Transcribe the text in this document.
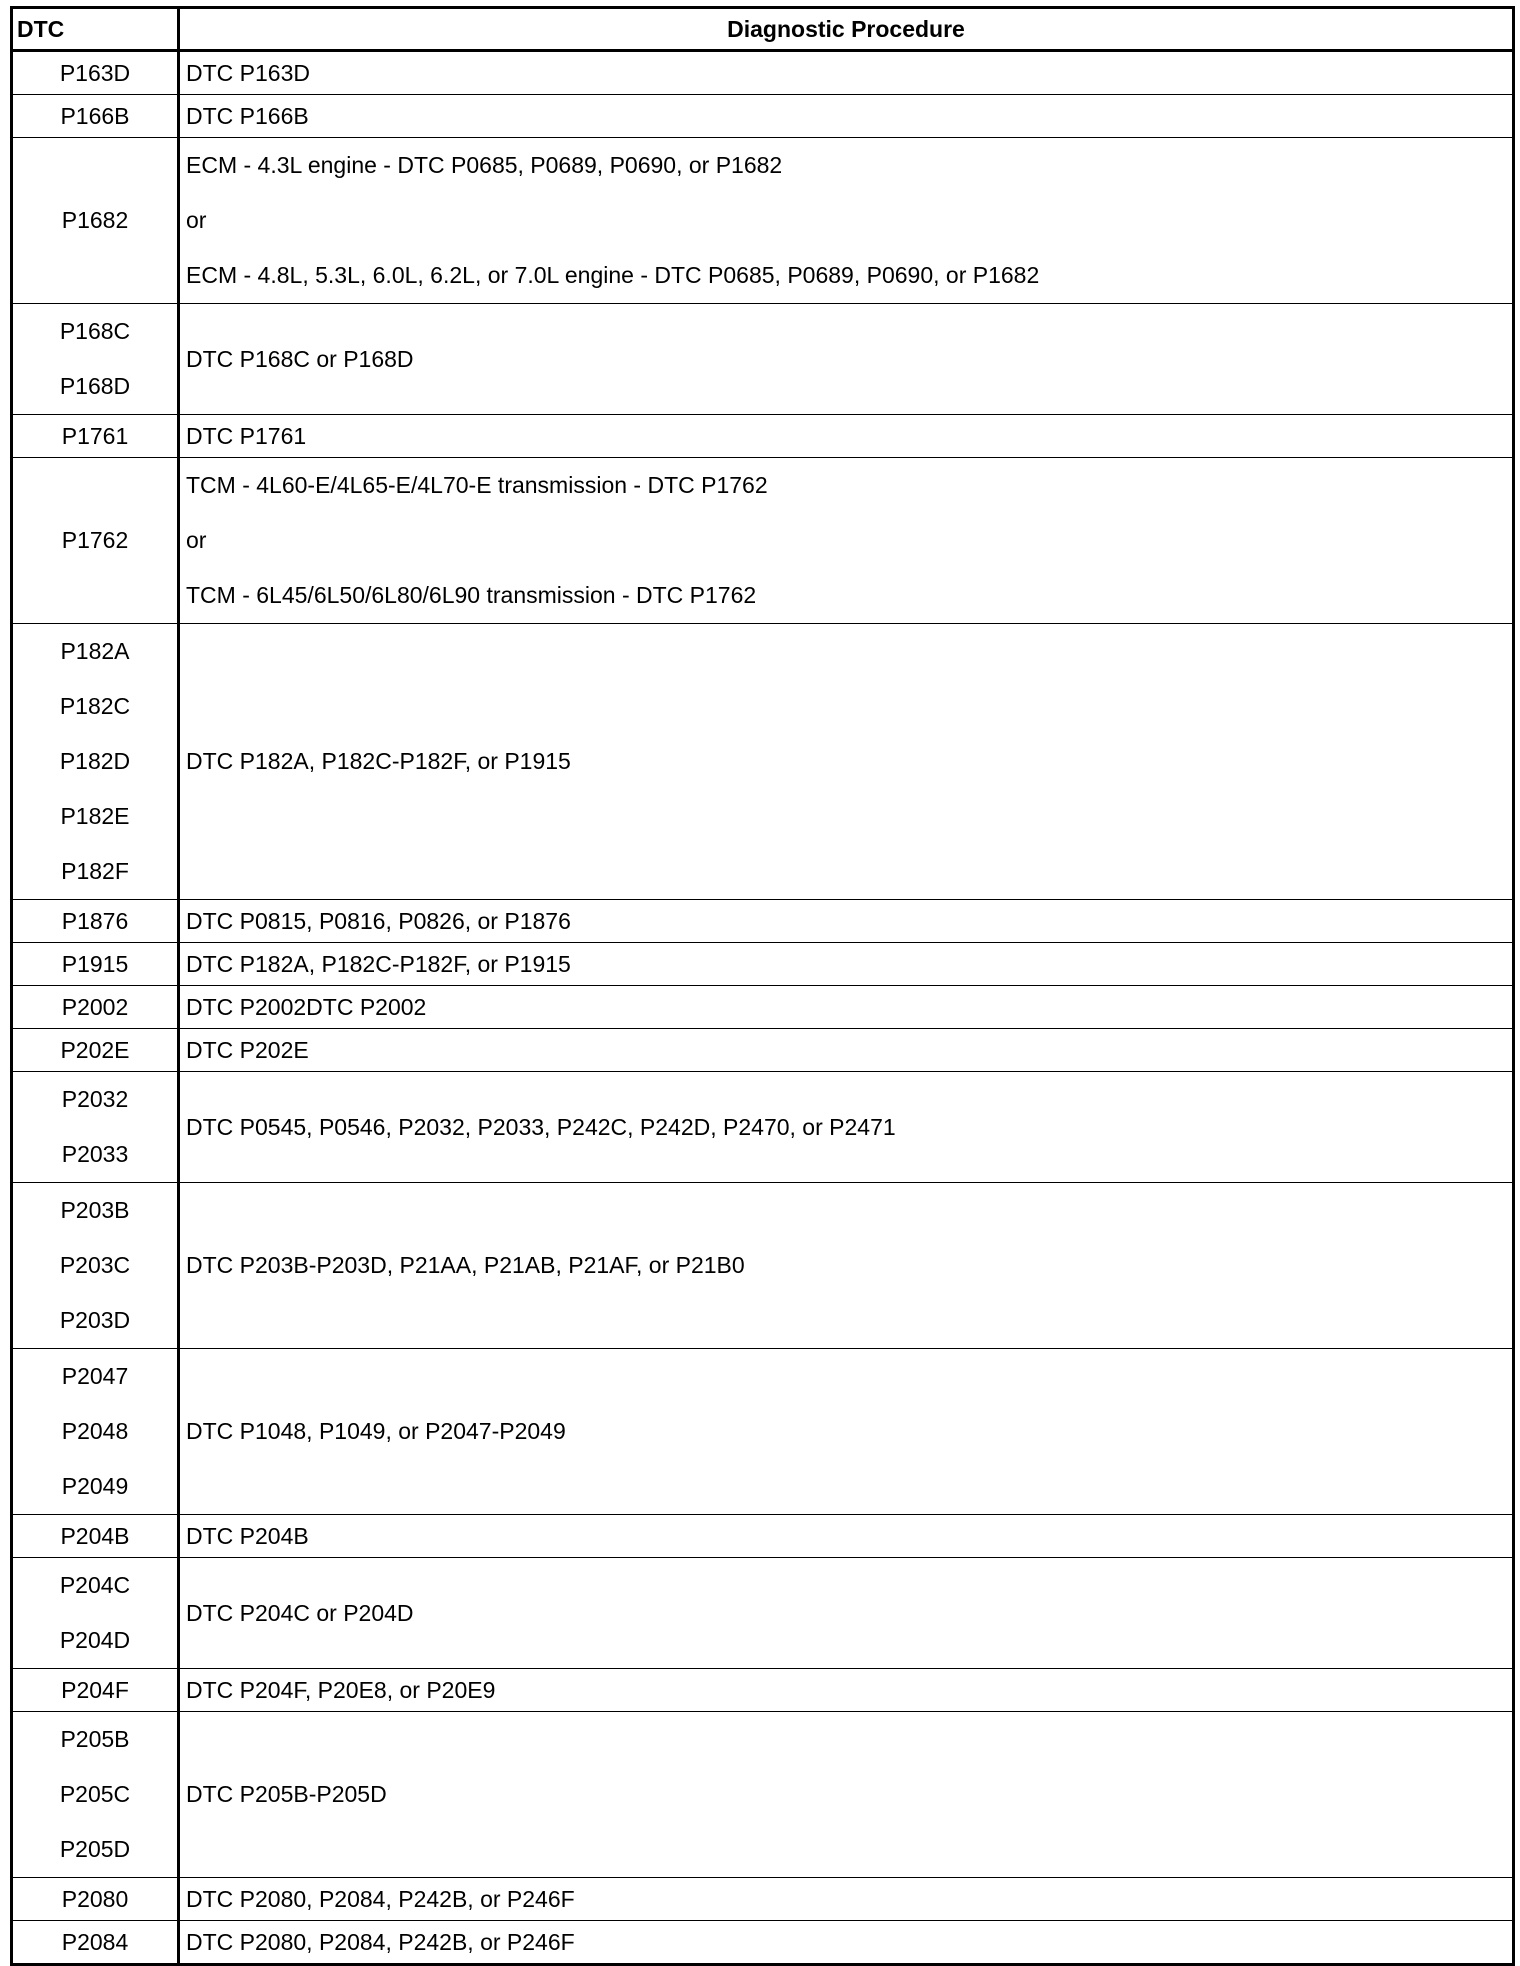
DTC	Diagnostic Procedure

P163D	DTC P163D

P166B	DTC P166B

P1682	ECM - 4.3L engine - DTC P0685, P0689, P0690, or P1682
or
ECM - 4.8L, 5.3L, 6.0L, 6.2L, or 7.0L engine - DTC P0685, P0689, P0690, or P1682

P168C
P168D	DTC P168C or P168D

P1761	DTC P1761

P1762	TCM - 4L60-E/4L65-E/4L70-E transmission - DTC P1762
or
TCM - 6L45/6L50/6L80/6L90 transmission - DTC P1762

P182A
P182C
P182D
P182E
P182F	DTC P182A, P182C-P182F, or P1915

P1876	DTC P0815, P0816, P0826, or P1876

P1915	DTC P182A, P182C-P182F, or P1915

P2002	DTC P2002DTC P2002

P202E	DTC P202E

P2032
P2033	DTC P0545, P0546, P2032, P2033, P242C, P242D, P2470, or P2471

P203B
P203C
P203D	DTC P203B-P203D, P21AA, P21AB, P21AF, or P21B0

P2047
P2048
P2049	DTC P1048, P1049, or P2047-P2049

P204B	DTC P204B

P204C
P204D	DTC P204C or P204D

P204F	DTC P204F, P20E8, or P20E9

P205B
P205C
P205D	DTC P205B-P205D

P2080	DTC P2080, P2084, P242B, or P246F

P2084	DTC P2080, P2084, P242B, or P246F
